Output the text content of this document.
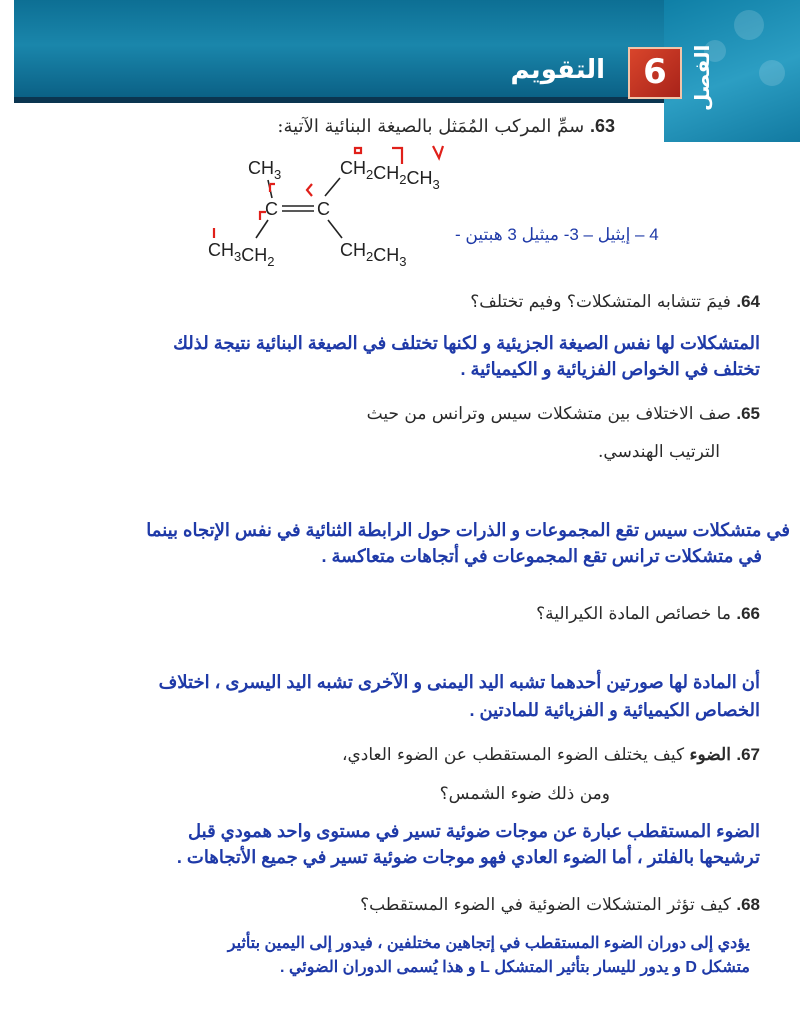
الفصل
6
التقويم
63. سمِّ المركب المُمَثل بالصيغة البنائية الآتية:
$CH_3$	$CH_2CH_2CH_3$
C C
$CH_3CH_2$
$CH_2CH_3$
4 – إيثيل – 3- ميثيل 3 هبتين -
64. فيمَ تتشابه المتشكلات؟ وفيم تختلف؟
المتشكلات لها نفس الصيغة الجزيئية و لكنها تختلف في الصيغة البنائية نتيجة لذلك
تختلف في الخواص الفزيائية و الكيميائية .
65. صف الاختلاف بين متشكلات سيس وترانس من حيث
الترتيب الهندسي.
في متشكلات سيس تقع المجموعات و الذرات حول الرابطة الثنائية في نفس الإتجاه بينما
في متشكلات ترانس تقع المجموعات في أتجاهات متعاكسة .
66. ما خصائص المادة الكيرالية؟
أن المادة لها صورتين أحدهما تشبه اليد اليمنى و الآخرى تشبه اليد اليسرى ، اختلاف
الخصاص الكيميائية و الفزيائية للمادتين .
67. الضوء كيف يختلف الضوء المستقطب عن الضوء العادي،
ومن ذلك ضوء الشمس؟
الضوء المستقطب عبارة عن موجات ضوئية تسير في مستوى واحد همودي قبل
ترشيحها بالفلتر ، أما الضوء العادي فهو موجات ضوئية تسير في جميع الأتجاهات .
68. كيف تؤثر المتشكلات الضوئية في الضوء المستقطب؟
يؤدي إلى دوران الضوء المستقطب في إتجاهين مختلفين ، فيدور إلى اليمين بتأثير
متشكل D و يدور لليسار بتأثير المتشكل L و هذا يُسمى الدوران الضوئي .
